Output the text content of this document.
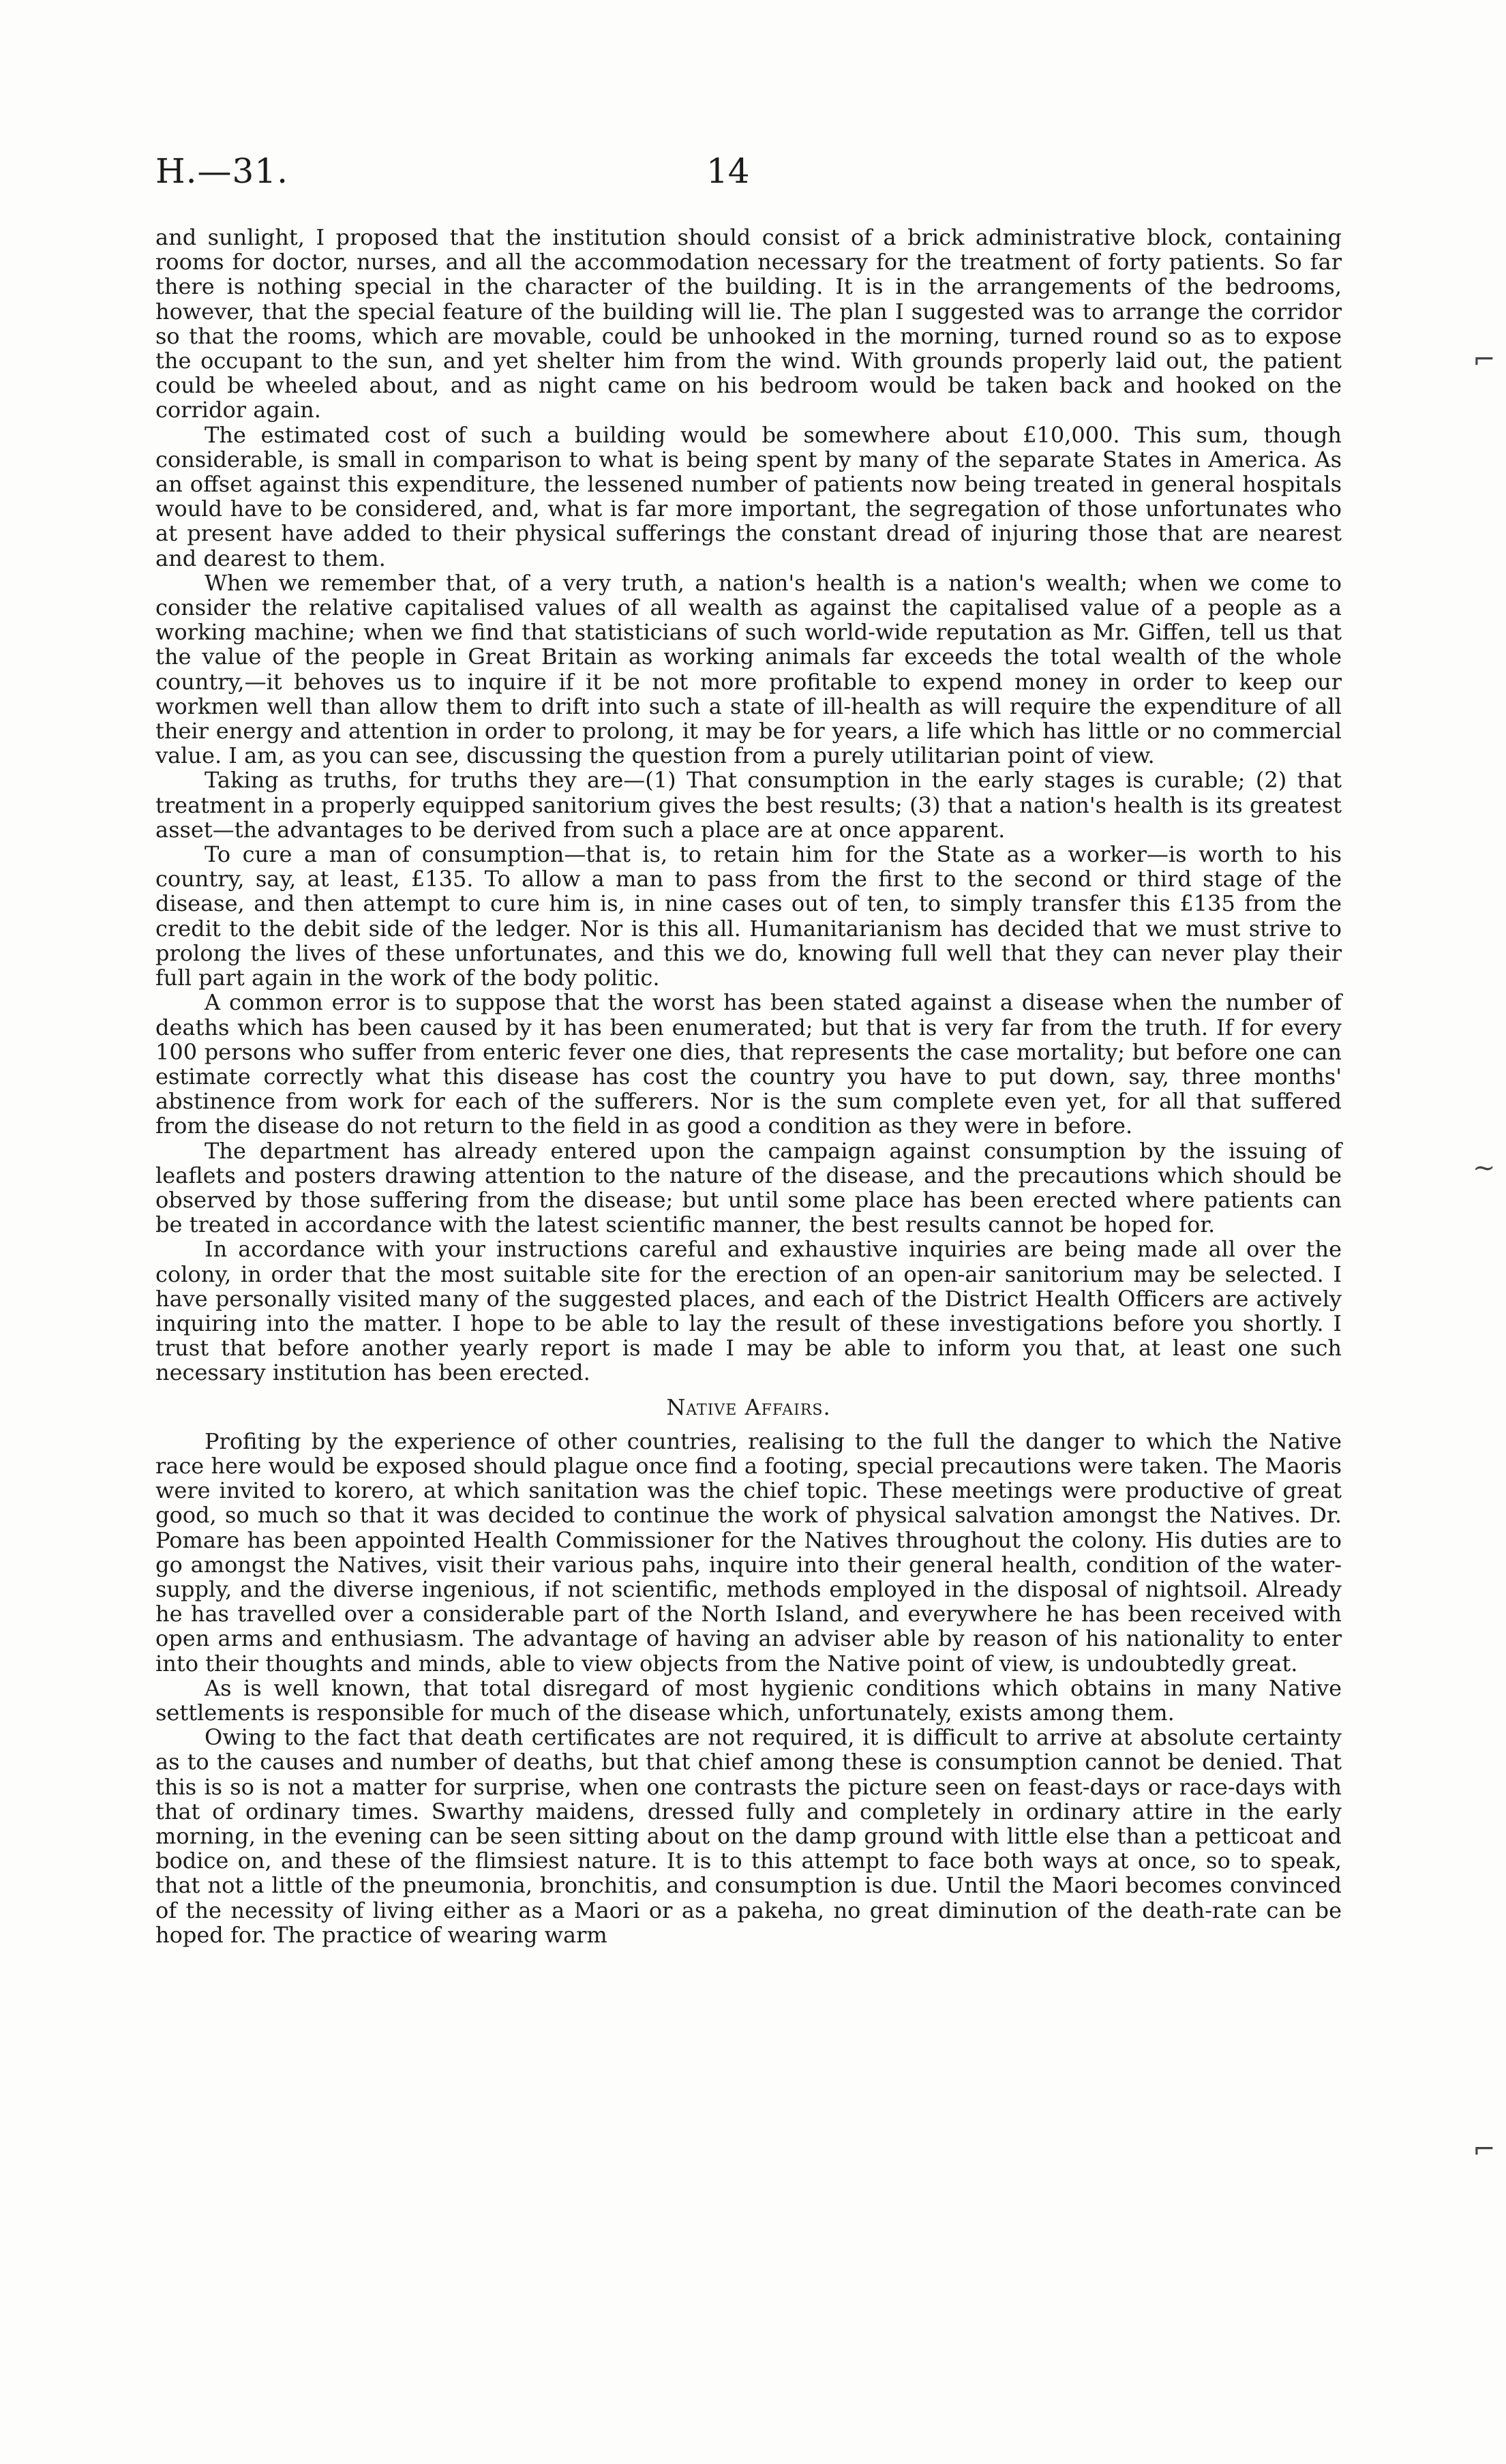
H.—31.	14

and sunlight, I proposed that the institution should consist of a brick administrative block, containing rooms for doctor, nurses, and all the accommodation necessary for the treatment of forty patients. So far there is nothing special in the character of the building. It is in the arrangements of the bedrooms, however, that the special feature of the building will lie. The plan I suggested was to arrange the corridor so that the rooms, which are movable, could be unhooked in the morning, turned round so as to expose the occupant to the sun, and yet shelter him from the wind. With grounds properly laid out, the patient could be wheeled about, and as night came on his bedroom would be taken back and hooked on the corridor again.

The estimated cost of such a building would be somewhere about £10,000. This sum, though considerable, is small in comparison to what is being spent by many of the separate States in America. As an offset against this expenditure, the lessened number of patients now being treated in general hospitals would have to be considered, and, what is far more important, the segregation of those unfortunates who at present have added to their physical sufferings the constant dread of injuring those that are nearest and dearest to them.

When we remember that, of a very truth, a nation's health is a nation's wealth; when we come to consider the relative capitalised values of all wealth as against the capitalised value of a people as a working machine; when we find that statisticians of such world-wide reputation as Mr. Giffen, tell us that the value of the people in Great Britain as working animals far exceeds the total wealth of the whole country,—it behoves us to inquire if it be not more profitable to expend money in order to keep our workmen well than allow them to drift into such a state of ill-health as will require the expenditure of all their energy and attention in order to prolong, it may be for years, a life which has little or no commercial value. I am, as you can see, discussing the question from a purely utilitarian point of view.

Taking as truths, for truths they are—(1) That consumption in the early stages is curable; (2) that treatment in a properly equipped sanitorium gives the best results; (3) that a nation's health is its greatest asset—the advantages to be derived from such a place are at once apparent.

To cure a man of consumption—that is, to retain him for the State as a worker—is worth to his country, say, at least, £135. To allow a man to pass from the first to the second or third stage of the disease, and then attempt to cure him is, in nine cases out of ten, to simply transfer this £135 from the credit to the debit side of the ledger. Nor is this all. Humanitarianism has decided that we must strive to prolong the lives of these unfortunates, and this we do, knowing full well that they can never play their full part again in the work of the body politic.

A common error is to suppose that the worst has been stated against a disease when the number of deaths which has been caused by it has been enumerated; but that is very far from the truth. If for every 100 persons who suffer from enteric fever one dies, that represents the case mortality; but before one can estimate correctly what this disease has cost the country you have to put down, say, three months' abstinence from work for each of the sufferers. Nor is the sum complete even yet, for all that suffered from the disease do not return to the field in as good a condition as they were in before.

The department has already entered upon the campaign against consumption by the issuing of leaflets and posters drawing attention to the nature of the disease, and the precautions which should be observed by those suffering from the disease; but until some place has been erected where patients can be treated in accordance with the latest scientific manner, the best results cannot be hoped for.

In accordance with your instructions careful and exhaustive inquiries are being made all over the colony, in order that the most suitable site for the erection of an open-air sanitorium may be selected. I have personally visited many of the suggested places, and each of the District Health Officers are actively inquiring into the matter. I hope to be able to lay the result of these investigations before you shortly. I trust that before another yearly report is made I may be able to inform you that, at least one such necessary institution has been erected.

Native Affairs.

Profiting by the experience of other countries, realising to the full the danger to which the Native race here would be exposed should plague once find a footing, special precautions were taken. The Maoris were invited to korero, at which sanitation was the chief topic. These meetings were productive of great good, so much so that it was decided to continue the work of physical salvation amongst the Natives. Dr. Pomare has been appointed Health Commissioner for the Natives throughout the colony. His duties are to go amongst the Natives, visit their various pahs, inquire into their general health, condition of the water-supply, and the diverse ingenious, if not scientific, methods employed in the disposal of nightsoil. Already he has travelled over a considerable part of the North Island, and everywhere he has been received with open arms and enthusiasm. The advantage of having an adviser able by reason of his nationality to enter into their thoughts and minds, able to view objects from the Native point of view, is undoubtedly great.

As is well known, that total disregard of most hygienic conditions which obtains in many Native settlements is responsible for much of the disease which, unfortunately, exists among them.

Owing to the fact that death certificates are not required, it is difficult to arrive at absolute certainty as to the causes and number of deaths, but that chief among these is consumption cannot be denied. That this is so is not a matter for surprise, when one contrasts the picture seen on feast-days or race-days with that of ordinary times. Swarthy maidens, dressed fully and completely in ordinary attire in the early morning, in the evening can be seen sitting about on the damp ground with little else than a petticoat and bodice on, and these of the flimsiest nature. It is to this attempt to face both ways at once, so to speak, that not a little of the pneumonia, bronchitis, and consumption is due. Until the Maori becomes convinced of the necessity of living either as a Maori or as a pakeha, no great diminution of the death-rate can be hoped for. The practice of wearing warm

⌐
~
⌐
